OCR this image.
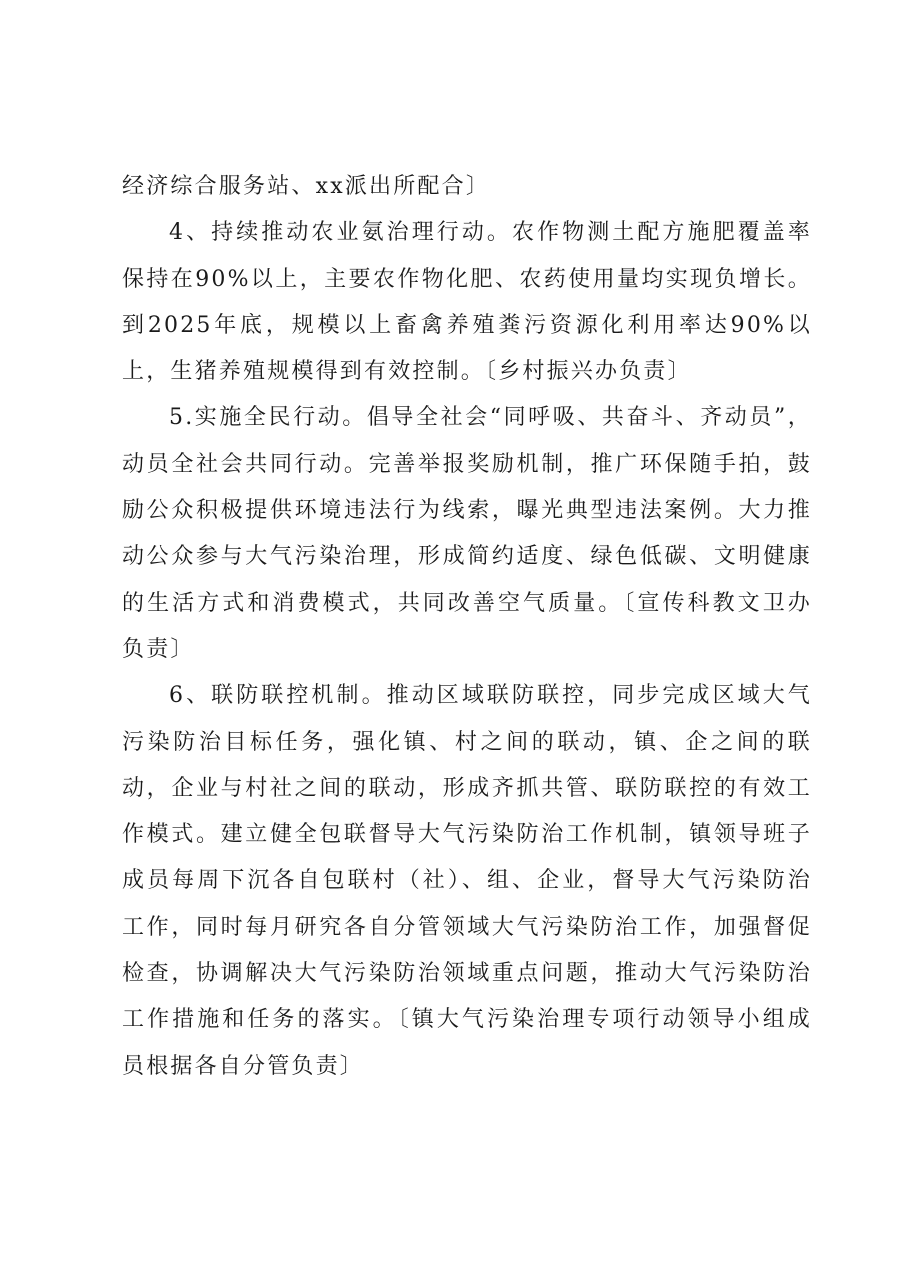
经济综合服务站、xx派出所配合〕

4、持续推动农业氨治理行动。农作物测土配方施肥覆盖率保持在90%以上，主要农作物化肥、农药使用量均实现负增长。到2025年底，规模以上畜禽养殖粪污资源化利用率达90%以上，生猪养殖规模得到有效控制。〔乡村振兴办负责〕

5.实施全民行动。倡导全社会“同呼吸、共奋斗、齐动员”，动员全社会共同行动。完善举报奖励机制，推广环保随手拍，鼓励公众积极提供环境违法行为线索，曝光典型违法案例。大力推动公众参与大气污染治理，形成简约适度、绿色低碳、文明健康的生活方式和消费模式，共同改善空气质量。〔宣传科教文卫办负责〕

6、联防联控机制。推动区域联防联控，同步完成区域大气污染防治目标任务，强化镇、村之间的联动，镇、企之间的联动，企业与村社之间的联动，形成齐抓共管、联防联控的有效工作模式。建立健全包联督导大气污染防治工作机制，镇领导班子成员每周下沉各自包联村（社）、组、企业，督导大气污染防治工作，同时每月研究各自分管领域大气污染防治工作，加强督促检查，协调解决大气污染防治领域重点问题，推动大气污染防治工作措施和任务的落实。〔镇大气污染治理专项行动领导小组成员根据各自分管负责〕
